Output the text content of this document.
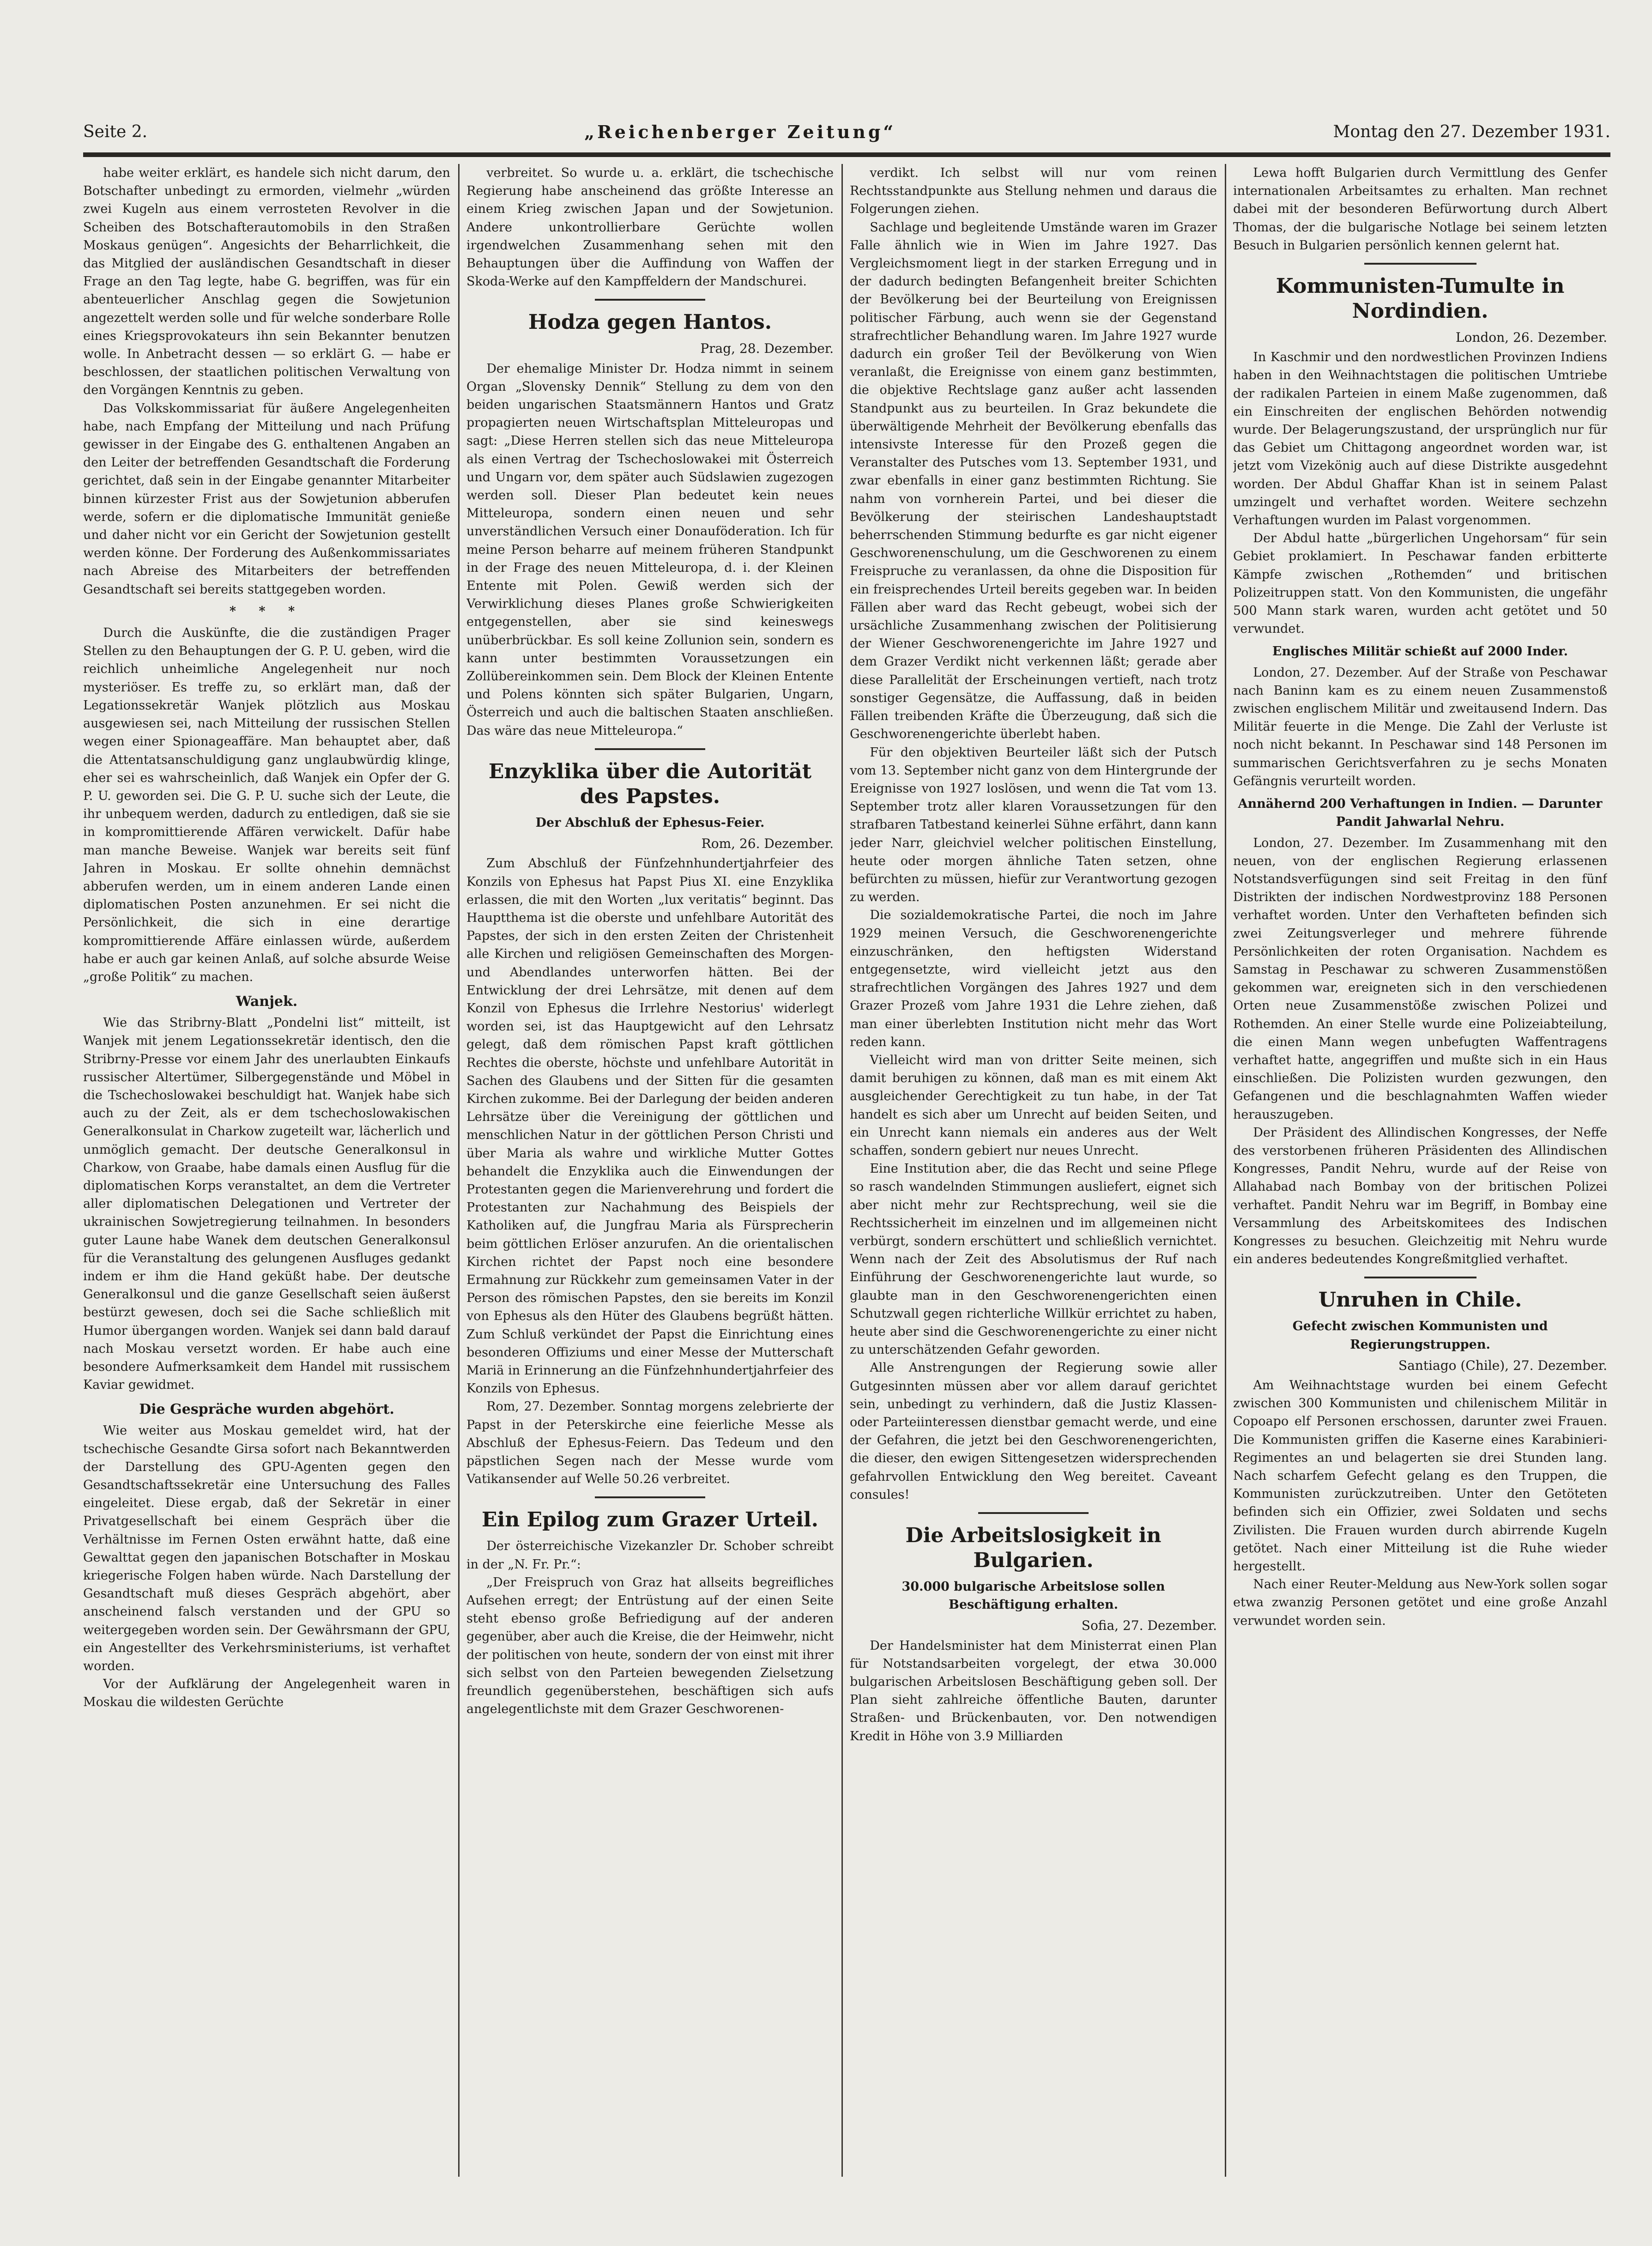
Seite 2.	„Reichenberger Zeitung“	Montag den 27. Dezember 1931.

habe weiter erklärt, es handele sich nicht darum, den Botschafter unbedingt zu ermorden, vielmehr „würden zwei Kugeln aus einem verrosteten Revolver in die Scheiben des Botschafterautomobils in den Straßen Moskaus genügen“. Angesichts der Beharrlichkeit, die das Mitglied der ausländischen Gesandtschaft in dieser Frage an den Tag legte, habe G. begriffen, was für ein abenteuerlicher Anschlag gegen die Sowjetunion angezettelt werden solle und für welche sonderbare Rolle eines Kriegsprovokateurs ihn sein Bekannter benutzen wolle. In Anbetracht dessen — so erklärt G. — habe er beschlossen, der staatlichen politischen Verwaltung von den Vorgängen Kenntnis zu geben.

Das Volkskommissariat für äußere Angelegenheiten habe, nach Empfang der Mitteilung und nach Prüfung gewisser in der Eingabe des G. enthaltenen Angaben an den Leiter der betreffenden Gesandtschaft die Forderung gerichtet, daß sein in der Eingabe genannter Mitarbeiter binnen kürzester Frist aus der Sowjetunion abberufen werde, sofern er die diplomatische Immunität genieße und daher nicht vor ein Gericht der Sowjetunion gestellt werden könne. Der Forderung des Außenkommissariates nach Abreise des Mitarbeiters der betreffenden Gesandtschaft sei bereits stattgegeben worden.

* * *

Durch die Auskünfte, die die zuständigen Prager Stellen zu den Behauptungen der G. P. U. geben, wird die reichlich unheimliche Angelegenheit nur noch mysteriöser. Es treffe zu, so erklärt man, daß der Legationssekretär Wanjek plötzlich aus Moskau ausgewiesen sei, nach Mitteilung der russischen Stellen wegen einer Spionageaffäre. Man behauptet aber, daß die Attentatsanschuldigung ganz unglaubwürdig klinge, eher sei es wahrscheinlich, daß Wanjek ein Opfer der G. P. U. geworden sei. Die G. P. U. suche sich der Leute, die ihr unbequem werden, dadurch zu entledigen, daß sie sie in kompromittierende Affären verwickelt. Dafür habe man manche Beweise. Wanjek war bereits seit fünf Jahren in Moskau. Er sollte ohnehin demnächst abberufen werden, um in einem anderen Lande einen diplomatischen Posten anzunehmen. Er sei nicht die Persönlichkeit, die sich in eine derartige kompromittierende Affäre einlassen würde, außerdem habe er auch gar keinen Anlaß, auf solche absurde Weise „große Politik“ zu machen.

Wanjek.

Wie das Stribrny-Blatt „Pondelni list“ mitteilt, ist Wanjek mit jenem Legationssekretär identisch, den die Stribrny-Presse vor einem Jahr des unerlaubten Einkaufs russischer Altertümer, Silbergegenstände und Möbel in die Tschechoslowakei beschuldigt hat. Wanjek habe sich auch zu der Zeit, als er dem tschechoslowakischen Generalkonsulat in Charkow zugeteilt war, lächerlich und unmöglich gemacht. Der deutsche Generalkonsul in Charkow, von Graabe, habe damals einen Ausflug für die diplomatischen Korps veranstaltet, an dem die Vertreter aller diplomatischen Delegationen und Vertreter der ukrainischen Sowjetregierung teilnahmen. In besonders guter Laune habe Wanek dem deutschen Generalkonsul für die Veranstaltung des gelungenen Ausfluges gedankt indem er ihm die Hand geküßt habe. Der deutsche Generalkonsul und die ganze Gesellschaft seien äußerst bestürzt gewesen, doch sei die Sache schließlich mit Humor übergangen worden. Wanjek sei dann bald darauf nach Moskau versetzt worden. Er habe auch eine besondere Aufmerksamkeit dem Handel mit russischem Kaviar gewidmet.

Die Gespräche wurden abgehört.

Wie weiter aus Moskau gemeldet wird, hat der tschechische Gesandte Girsa sofort nach Bekanntwerden der Darstellung des GPU-Agenten gegen den Gesandtschaftssekretär eine Untersuchung des Falles eingeleitet. Diese ergab, daß der Sekretär in einer Privatgesellschaft bei einem Gespräch über die Verhältnisse im Fernen Osten erwähnt hatte, daß eine Gewalttat gegen den japanischen Botschafter in Moskau kriegerische Folgen haben würde. Nach Darstellung der Gesandtschaft muß dieses Gespräch abgehört, aber anscheinend falsch verstanden und der GPU so weitergegeben worden sein. Der Gewährsmann der GPU, ein Angestellter des Verkehrsministeriums, ist verhaftet worden.

Vor der Aufklärung der Angelegenheit waren in Moskau die wildesten Gerüchte

verbreitet. So wurde u. a. erklärt, die tschechische Regierung habe anscheinend das größte Interesse an einem Krieg zwischen Japan und der Sowjetunion. Andere unkontrollierbare Gerüchte wollen irgendwelchen Zusammenhang sehen mit den Behauptungen über die Auffindung von Waffen der Skoda-Werke auf den Kampffeldern der Mandschurei.

Hodza gegen Hantos.
Prag, 28. Dezember.

Der ehemalige Minister Dr. Hodza nimmt in seinem Organ „Slovensky Dennik“ Stellung zu dem von den beiden ungarischen Staatsmännern Hantos und Gratz propagierten neuen Wirtschaftsplan Mitteleuropas und sagt: „Diese Herren stellen sich das neue Mitteleuropa als einen Vertrag der Tschechoslowakei mit Österreich und Ungarn vor, dem später auch Südslawien zugezogen werden soll. Dieser Plan bedeutet kein neues Mitteleuropa, sondern einen neuen und sehr unverständlichen Versuch einer Donauföderation. Ich für meine Person beharre auf meinem früheren Standpunkt in der Frage des neuen Mitteleuropa, d. i. der Kleinen Entente mit Polen. Gewiß werden sich der Verwirklichung dieses Planes große Schwierigkeiten entgegenstellen, aber sie sind keineswegs unüberbrückbar. Es soll keine Zollunion sein, sondern es kann unter bestimmten Voraussetzungen ein Zollübereinkommen sein. Dem Block der Kleinen Entente und Polens könnten sich später Bulgarien, Ungarn, Österreich und auch die baltischen Staaten anschließen. Das wäre das neue Mitteleuropa.“

Enzyklika über die Autorität des Papstes.
Der Abschluß der Ephesus-Feier.
Rom, 26. Dezember.

Zum Abschluß der Fünfzehnhundertjahrfeier des Konzils von Ephesus hat Papst Pius XI. eine Enzyklika erlassen, die mit den Worten „lux veritatis“ beginnt. Das Hauptthema ist die oberste und unfehlbare Autorität des Papstes, der sich in den ersten Zeiten der Christenheit alle Kirchen und religiösen Gemeinschaften des Morgen- und Abendlandes unterworfen hätten. Bei der Entwicklung der drei Lehrsätze, mit denen auf dem Konzil von Ephesus die Irrlehre Nestorius' widerlegt worden sei, ist das Hauptgewicht auf den Lehrsatz gelegt, daß dem römischen Papst kraft göttlichen Rechtes die oberste, höchste und unfehlbare Autorität in Sachen des Glaubens und der Sitten für die gesamten Kirchen zukomme. Bei der Darlegung der beiden anderen Lehrsätze über die Vereinigung der göttlichen und menschlichen Natur in der göttlichen Person Christi und über Maria als wahre und wirkliche Mutter Gottes behandelt die Enzyklika auch die Einwendungen der Protestanten gegen die Marienverehrung und fordert die Protestanten zur Nachahmung des Beispiels der Katholiken auf, die Jungfrau Maria als Fürsprecherin beim göttlichen Erlöser anzurufen. An die orientalischen Kirchen richtet der Papst noch eine besondere Ermahnung zur Rückkehr zum gemeinsamen Vater in der Person des römischen Papstes, den sie bereits im Konzil von Ephesus als den Hüter des Glaubens begrüßt hätten. Zum Schluß verkündet der Papst die Einrichtung eines besonderen Offiziums und einer Messe der Mutterschaft Mariä in Erinnerung an die Fünfzehnhundertjahrfeier des Konzils von Ephesus.

Rom, 27. Dezember. Sonntag morgens zelebrierte der Papst in der Peterskirche eine feierliche Messe als Abschluß der Ephesus-Feiern. Das Tedeum und den päpstlichen Segen nach der Messe wurde vom Vatikansender auf Welle 50.26 verbreitet.

Ein Epilog zum Grazer Urteil.

Der österreichische Vizekanzler Dr. Schober schreibt in der „N. Fr. Pr.“:

„Der Freispruch von Graz hat allseits begreifliches Aufsehen erregt; der Entrüstung auf der einen Seite steht ebenso große Befriedigung auf der anderen gegenüber, aber auch die Kreise, die der Heimwehr, nicht der politischen von heute, sondern der von einst mit ihrer sich selbst von den Parteien bewegenden Zielsetzung freundlich gegenüberstehen, beschäftigen sich aufs angelegentlichste mit dem Grazer Geschworenen-

verdikt. Ich selbst will nur vom reinen Rechtsstandpunkte aus Stellung nehmen und daraus die Folgerungen ziehen.

Sachlage und begleitende Umstände waren im Grazer Falle ähnlich wie in Wien im Jahre 1927. Das Vergleichsmoment liegt in der starken Erregung und in der dadurch bedingten Befangenheit breiter Schichten der Bevölkerung bei der Beurteilung von Ereignissen politischer Färbung, auch wenn sie der Gegenstand strafrechtlicher Behandlung waren. Im Jahre 1927 wurde dadurch ein großer Teil der Bevölkerung von Wien veranlaßt, die Ereignisse von einem ganz bestimmten, die objektive Rechtslage ganz außer acht lassenden Standpunkt aus zu beurteilen. In Graz bekundete die überwältigende Mehrheit der Bevölkerung ebenfalls das intensivste Interesse für den Prozeß gegen die Veranstalter des Putsches vom 13. September 1931, und zwar ebenfalls in einer ganz bestimmten Richtung. Sie nahm von vornherein Partei, und bei dieser die Bevölkerung der steirischen Landeshauptstadt beherrschenden Stimmung bedurfte es gar nicht eigener Geschworenenschulung, um die Geschworenen zu einem Freispruche zu veranlassen, da ohne die Disposition für ein freisprechendes Urteil bereits gegeben war. In beiden Fällen aber ward das Recht gebeugt, wobei sich der ursächliche Zusammenhang zwischen der Politisierung der Wiener Geschworenengerichte im Jahre 1927 und dem Grazer Verdikt nicht verkennen läßt; gerade aber diese Parallelität der Erscheinungen vertieft, nach trotz sonstiger Gegensätze, die Auffassung, daß in beiden Fällen treibenden Kräfte die Überzeugung, daß sich die Geschworenengerichte überlebt haben.

Für den objektiven Beurteiler läßt sich der Putsch vom 13. September nicht ganz von dem Hintergrunde der Ereignisse von 1927 loslösen, und wenn die Tat vom 13. September trotz aller klaren Voraussetzungen für den strafbaren Tatbestand keinerlei Sühne erfährt, dann kann jeder Narr, gleichviel welcher politischen Einstellung, heute oder morgen ähnliche Taten setzen, ohne befürchten zu müssen, hiefür zur Verantwortung gezogen zu werden.

Die sozialdemokratische Partei, die noch im Jahre 1929 meinen Versuch, die Geschworenengerichte einzuschränken, den heftigsten Widerstand entgegensetzte, wird vielleicht jetzt aus den strafrechtlichen Vorgängen des Jahres 1927 und dem Grazer Prozeß vom Jahre 1931 die Lehre ziehen, daß man einer überlebten Institution nicht mehr das Wort reden kann.

Vielleicht wird man von dritter Seite meinen, sich damit beruhigen zu können, daß man es mit einem Akt ausgleichender Gerechtigkeit zu tun habe, in der Tat handelt es sich aber um Unrecht auf beiden Seiten, und ein Unrecht kann niemals ein anderes aus der Welt schaffen, sondern gebiert nur neues Unrecht.

Eine Institution aber, die das Recht und seine Pflege so rasch wandelnden Stimmungen ausliefert, eignet sich aber nicht mehr zur Rechtsprechung, weil sie die Rechtssicherheit im einzelnen und im allgemeinen nicht verbürgt, sondern erschüttert und schließlich vernichtet. Wenn nach der Zeit des Absolutismus der Ruf nach Einführung der Geschworenengerichte laut wurde, so glaubte man in den Geschworenengerichten einen Schutzwall gegen richterliche Willkür errichtet zu haben, heute aber sind die Geschworenengerichte zu einer nicht zu unterschätzenden Gefahr geworden.

Alle Anstrengungen der Regierung sowie aller Gutgesinnten müssen aber vor allem darauf gerichtet sein, unbedingt zu verhindern, daß die Justiz Klassen- oder Parteiinteressen dienstbar gemacht werde, und eine der Gefahren, die jetzt bei den Geschworenengerichten, die dieser, den ewigen Sittengesetzen widersprechenden gefahrvollen Entwicklung den Weg bereitet. Caveant consules!

Die Arbeitslosigkeit in Bulgarien.
30.000 bulgarische Arbeitslose sollen Beschäftigung erhalten.
Sofia, 27. Dezember.

Der Handelsminister hat dem Ministerrat einen Plan für Notstandsarbeiten vorgelegt, der etwa 30.000 bulgarischen Arbeitslosen Beschäftigung geben soll. Der Plan sieht zahlreiche öffentliche Bauten, darunter Straßen- und Brückenbauten, vor. Den notwendigen Kredit in Höhe von 3.9 Milliarden

Lewa hofft Bulgarien durch Vermittlung des Genfer internationalen Arbeitsamtes zu erhalten. Man rechnet dabei mit der besonderen Befürwortung durch Albert Thomas, der die bulgarische Notlage bei seinem letzten Besuch in Bulgarien persönlich kennen gelernt hat.

Kommunisten-Tumulte in Nordindien.
London, 26. Dezember.

In Kaschmir und den nordwestlichen Provinzen Indiens haben in den Weihnachtstagen die politischen Umtriebe der radikalen Parteien in einem Maße zugenommen, daß ein Einschreiten der englischen Behörden notwendig wurde. Der Belagerungszustand, der ursprünglich nur für das Gebiet um Chittagong angeordnet worden war, ist jetzt vom Vizekönig auch auf diese Distrikte ausgedehnt worden. Der Abdul Ghaffar Khan ist in seinem Palast umzingelt und verhaftet worden. Weitere sechzehn Verhaftungen wurden im Palast vorgenommen.

Der Abdul hatte „bürgerlichen Ungehorsam“ für sein Gebiet proklamiert. In Peschawar fanden erbitterte Kämpfe zwischen „Rothemden“ und britischen Polizeitruppen statt. Von den Kommunisten, die ungefähr 500 Mann stark waren, wurden acht getötet und 50 verwundet.

Englisches Militär schießt auf 2000 Inder.

London, 27. Dezember. Auf der Straße von Peschawar nach Baninn kam es zu einem neuen Zusammenstoß zwischen englischem Militär und zweitausend Indern. Das Militär feuerte in die Menge. Die Zahl der Verluste ist noch nicht bekannt. In Peschawar sind 148 Personen im summarischen Gerichtsverfahren zu je sechs Monaten Gefängnis verurteilt worden.

Annähernd 200 Verhaftungen in Indien. — Darunter Pandit Jahwarlal Nehru.

London, 27. Dezember. Im Zusammenhang mit den neuen, von der englischen Regierung erlassenen Notstandsverfügungen sind seit Freitag in den fünf Distrikten der indischen Nordwestprovinz 188 Personen verhaftet worden. Unter den Verhafteten befinden sich zwei Zeitungsverleger und mehrere führende Persönlichkeiten der roten Organisation. Nachdem es Samstag in Peschawar zu schweren Zusammenstößen gekommen war, ereigneten sich in den verschiedenen Orten neue Zusammenstöße zwischen Polizei und Rothemden. An einer Stelle wurde eine Polizeiabteilung, die einen Mann wegen unbefugten Waffentragens verhaftet hatte, angegriffen und mußte sich in ein Haus einschließen. Die Polizisten wurden gezwungen, den Gefangenen und die beschlagnahmten Waffen wieder herauszugeben.

Der Präsident des Allindischen Kongresses, der Neffe des verstorbenen früheren Präsidenten des Allindischen Kongresses, Pandit Nehru, wurde auf der Reise von Allahabad nach Bombay von der britischen Polizei verhaftet. Pandit Nehru war im Begriff, in Bombay eine Versammlung des Arbeitskomitees des Indischen Kongresses zu besuchen. Gleichzeitig mit Nehru wurde ein anderes bedeutendes Kongreßmitglied verhaftet.

Unruhen in Chile.
Gefecht zwischen Kommunisten und Regierungstruppen.
Santiago (Chile), 27. Dezember.

Am Weihnachtstage wurden bei einem Gefecht zwischen 300 Kommunisten und chilenischem Militär in Copoapo elf Personen erschossen, darunter zwei Frauen. Die Kommunisten griffen die Kaserne eines Karabinieri-Regimentes an und belagerten sie drei Stunden lang. Nach scharfem Gefecht gelang es den Truppen, die Kommunisten zurückzutreiben. Unter den Getöteten befinden sich ein Offizier, zwei Soldaten und sechs Zivilisten. Die Frauen wurden durch abirrende Kugeln getötet. Nach einer Mitteilung ist die Ruhe wieder hergestellt.

Nach einer Reuter-Meldung aus New-York sollen sogar etwa zwanzig Personen getötet und eine große Anzahl verwundet worden sein.
